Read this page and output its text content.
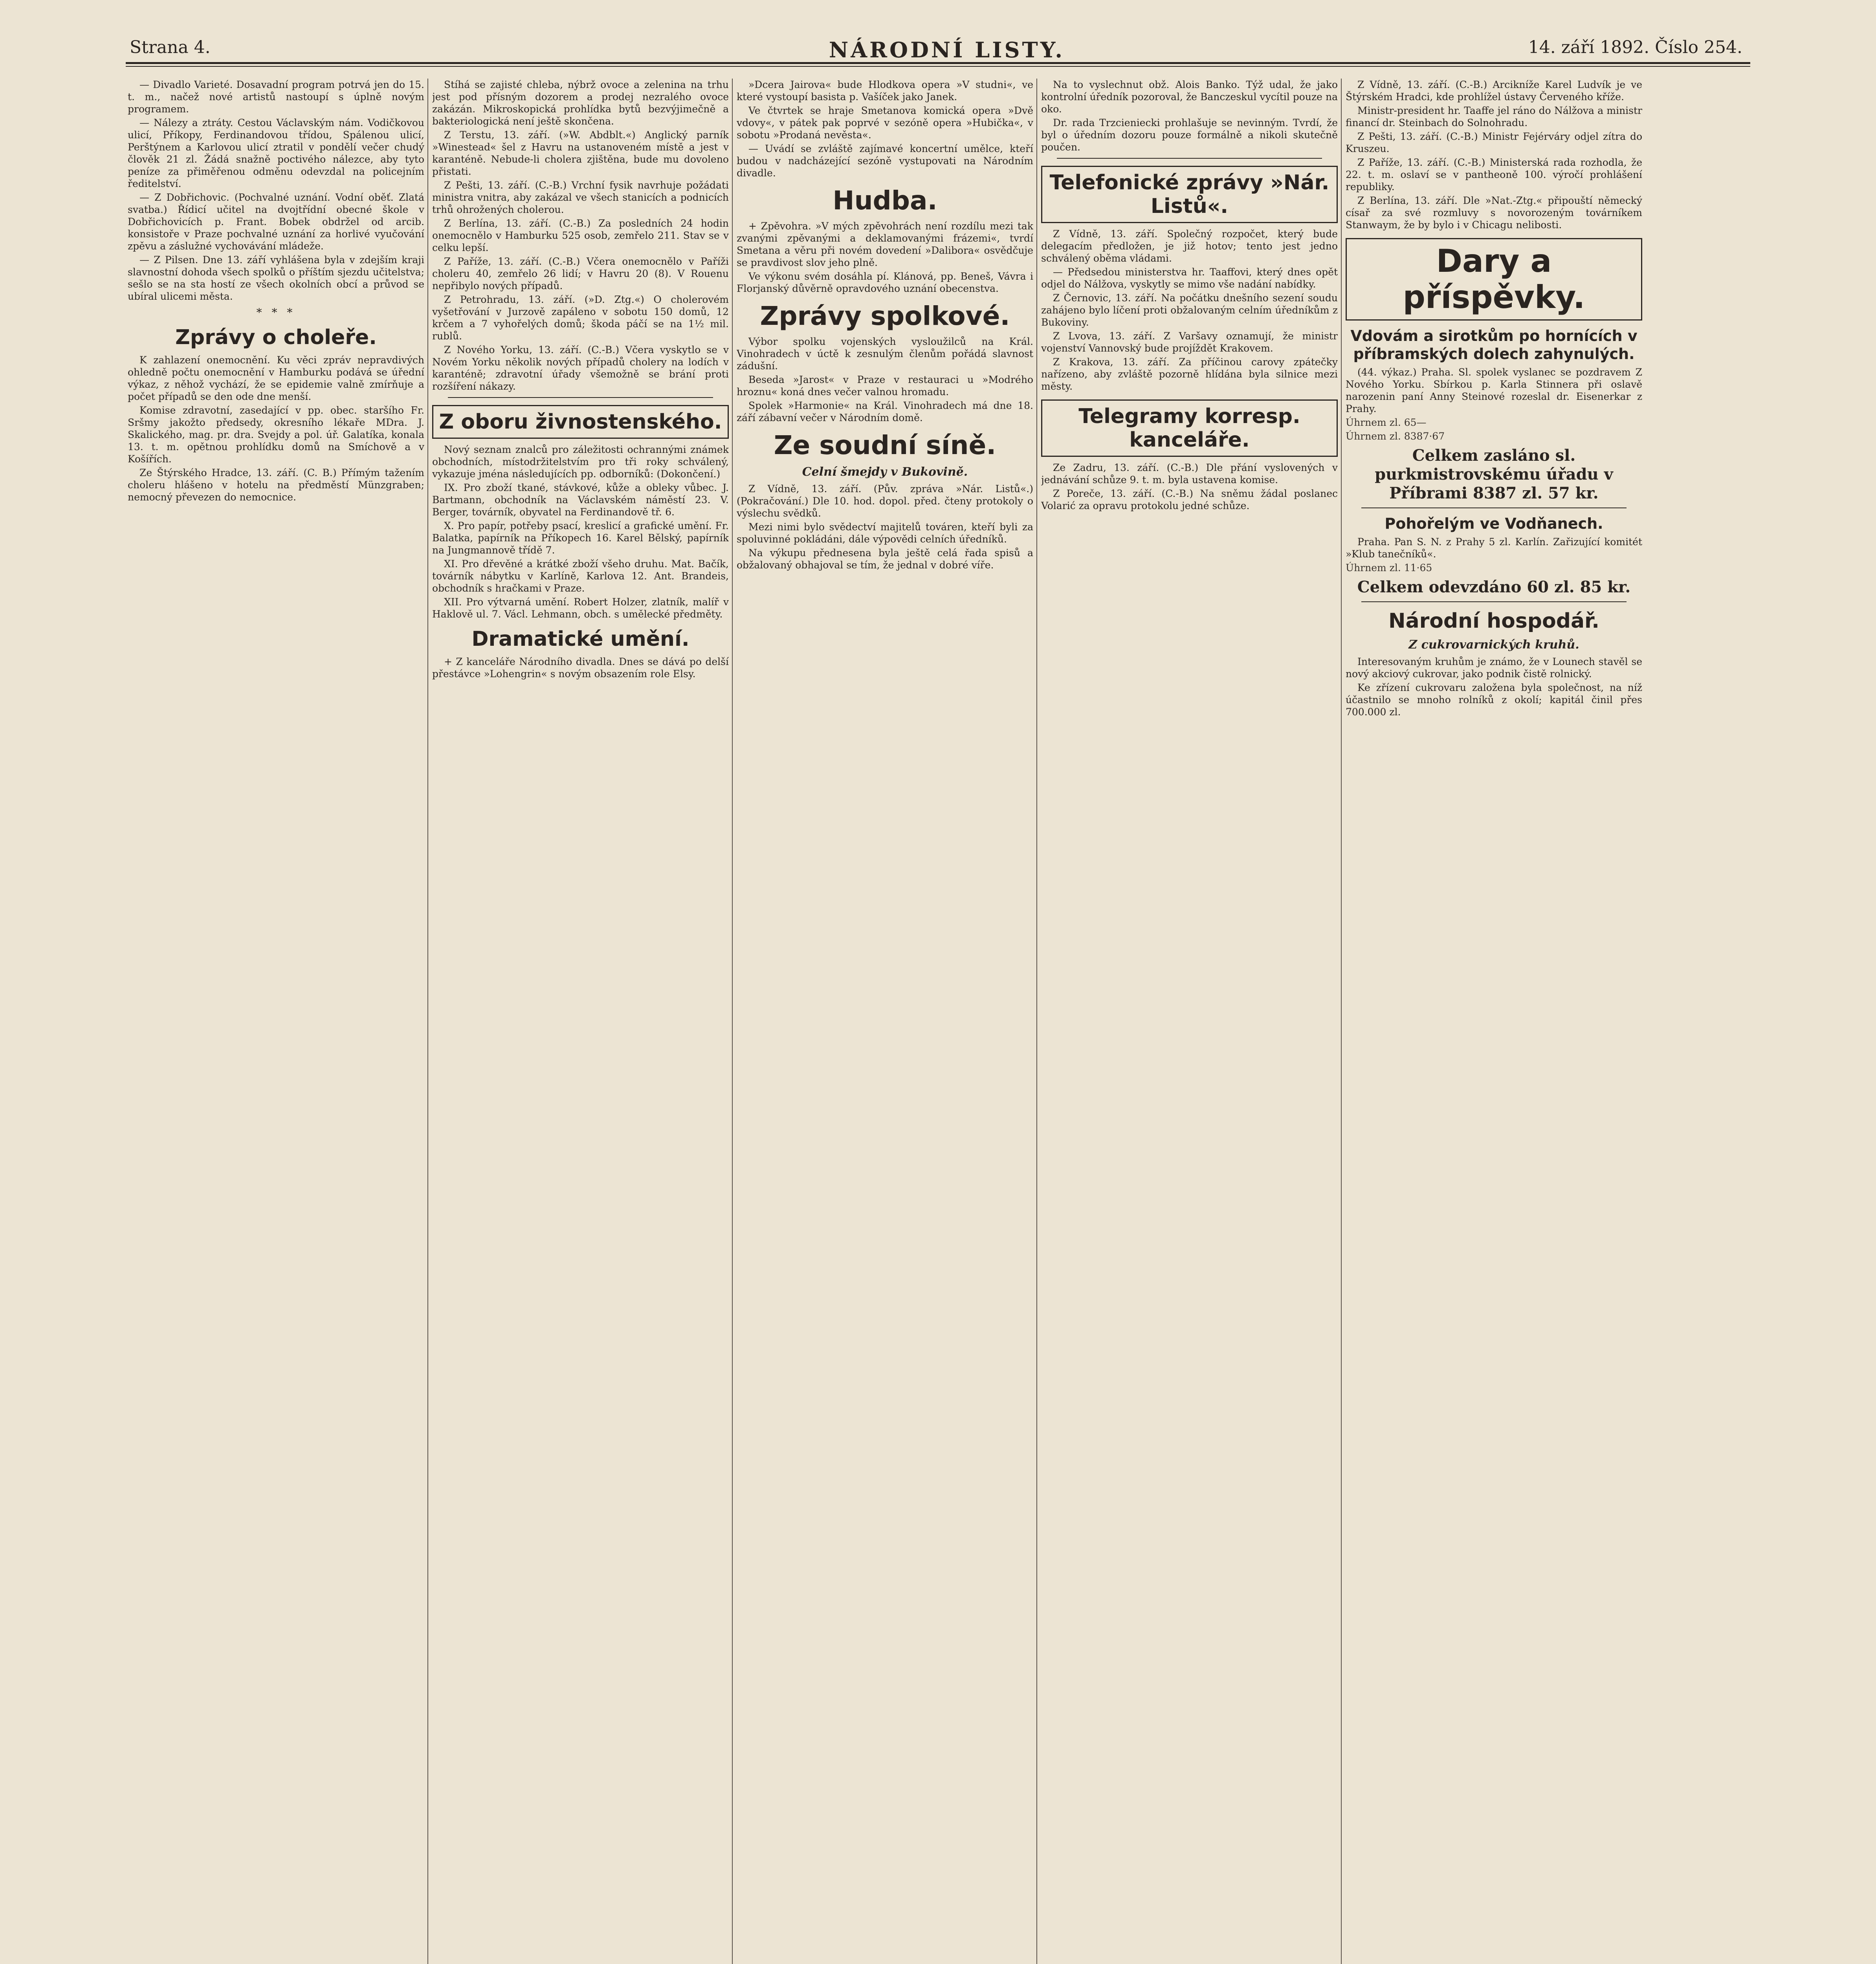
Strana 4.	NÁRODNÍ LISTY.	14. září 1892. Číslo 254.

— Divadlo Varieté. Dosavadní program potrvá jen do 15. t. m., načež nové artistů nastoupí s úplně novým programem.

— Nálezy a ztráty. Cestou Václavským nám. Vodičkovou ulicí, Příkopy, Ferdinandovou třídou, Spálenou ulicí, Perštýnem a Karlovou ulicí ztratil v pondělí večer chudý člověk 21 zl. Žádá snažně poctivého nálezce, aby tyto peníze za přiměřenou odměnu odevzdal na policejním ředitelství.

— Z Dobřichovic. (Pochvalné uznání. Vodní oběť. Zlatá svatba.) Řídicí učitel na dvojtřídní obecné škole v Dobřichovicích p. Frant. Bobek obdržel od arcib. konsistoře v Praze pochvalné uznání za horlivé vyučování zpěvu a záslužné vychovávání mládeže.

— Z Pilsen. Dne 13. září vyhlášena byla v zdejším kraji slavnostní dohoda všech spolků o příštím sjezdu učitelstva; sešlo se na sta hostí ze všech okolních obcí a průvod se ubíral ulicemi města.

* * *
Zprávy o choleře.

K zahlazení onemocnění. Ku věci zpráv nepravdivých ohledně počtu onemocnění v Hamburku podává se úřední výkaz, z něhož vychází, že se epidemie valně zmírňuje a počet případů se den ode dne menší.

Komise zdravotní, zasedající v pp. obec. staršího Fr. Sršmy jakožto předsedy, okresního lékaře MDra. J. Skalického, mag. pr. dra. Svejdy a pol. úř. Galatíka, konala 13. t. m. opětnou prohlídku domů na Smíchově a v Košířích.

Ze Štýrského Hradce, 13. září. (C. B.) Přímým tažením choleru hlášeno v hotelu na předměstí Münzgraben; nemocný převezen do nemocnice.

Stíhá se zajisté chleba, nýbrž ovoce a zelenina na trhu jest pod přísným dozorem a prodej nezralého ovoce zakázán. Mikroskopická prohlídka bytů bezvýjimečně a bakteriologická není ještě skončena.

Z Terstu, 13. září. (»W. Abdblt.«) Anglický parník »Winestead« šel z Havru na ustanoveném místě a jest v karanténě. Nebude-li cholera zjištěna, bude mu dovoleno přistati.

Z Pešti, 13. září. (C.-B.) Vrchní fysik navrhuje požádati ministra vnitra, aby zakázal ve všech stanicích a podnicích trhů ohrožených cholerou.

Z Berlína, 13. září. (C.-B.) Za posledních 24 hodin onemocnělo v Hamburku 525 osob, zemřelo 211. Stav se v celku lepší.

Z Paříže, 13. září. (C.-B.) Včera onemocnělo v Paříži choleru 40, zemřelo 26 lidí; v Havru 20 (8). V Rouenu nepřibylo nových případů.

Z Petrohradu, 13. září. (»D. Ztg.«) O cholerovém vyšetřování v Jurzově zapáleno v sobotu 150 domů, 12 krčem a 7 vyhořelých domů; škoda páčí se na 1½ mil. rublů.

Z Nového Yorku, 13. září. (C.-B.) Včera vyskytlo se v Novém Yorku několik nových případů cholery na lodích v karanténě; zdravotní úřady všemožně se brání proti rozšíření nákazy.

Z oboru živnostenského.

Nový seznam znalců pro záležitosti ochrannými známek obchodních, místodržitelstvím pro tři roky schválený, vykazuje jména následujících pp. odborníků: (Dokončení.)

IX. Pro zboží tkané, stávkové, kůže a obleky vůbec. J. Bartmann, obchodník na Václavském náměstí 23. V. Berger, továrník, obyvatel na Ferdinandově tř. 6.

X. Pro papír, potřeby psací, kreslicí a grafické umění. Fr. Balatka, papírník na Příkopech 16. Karel Bělský, papírník na Jungmannově třídě 7.

XI. Pro dřevěné a krátké zboží všeho druhu. Mat. Bačík, továrník nábytku v Karlíně, Karlova 12. Ant. Brandeis, obchodník s hračkami v Praze.

XII. Pro výtvarná umění. Robert Holzer, zlatník, malíř v Haklově ul. 7. Václ. Lehmann, obch. s umělecké předměty.

Dramatické umění.

+ Z kanceláře Národního divadla. Dnes se dává po delší přestávce »Lohengrin« s novým obsazením role Elsy.

»Dcera Jairova« bude Hlodkova opera »V studni«, ve které vystoupí basista p. Vašíček jako Janek.

Ve čtvrtek se hraje Smetanova komická opera »Dvě vdovy«, v pátek pak poprvé v sezóně opera »Hubička«, v sobotu »Prodaná nevěsta«.

— Uvádí se zvláště zajímavé koncertní umělce, kteří budou v nadcházející sezóně vystupovati na Národním divadle.

Hudba.

+ Zpěvohra. »V mých zpěvohrách není rozdílu mezi tak zvanými zpěvanými a deklamovanými frázemi«, tvrdí Smetana a věru při novém dovedení »Dalibora« osvědčuje se pravdivost slov jeho plně.

Ve výkonu svém dosáhla pí. Klánová, pp. Beneš, Vávra i Florjanský důvěrně opravdového uznání obecenstva.

Zprávy spolkové.

Výbor spolku vojenských vysloužilců na Král. Vinohradech v úctě k zesnulým členům pořádá slavnost zádušní.

Beseda »Jarost« v Praze v restauraci u »Modrého hroznu« koná dnes večer valnou hromadu.

Spolek »Harmonie« na Král. Vinohradech má dne 18. září zábavní večer v Národním domě.

Ze soudní síně.
Celní šmejdy v Bukovině.

Z Vídně, 13. září. (Pův. zpráva »Nár. Listů«.) (Pokračování.) Dle 10. hod. dopol. před. čteny protokoly o výslechu svědků.

Mezi nimi bylo svědectví majitelů továren, kteří byli za spoluvinné pokládáni, dále výpovědi celních úředníků.

Na výkupu přednesena byla ještě celá řada spisů a obžalovaný obhajoval se tím, že jednal v dobré víře.

Na to vyslechnut obž. Alois Banko. Týž udal, že jako kontrolní úředník pozoroval, že Banczeskul vycítil pouze na oko.

Dr. rada Trzcieniecki prohlašuje se nevinným. Tvrdí, že byl o úředním dozoru pouze formálně a nikoli skutečně poučen.

Telefonické zprávy »Nár. Listů«.

Z Vídně, 13. září. Společný rozpočet, který bude delegacím předložen, je již hotov; tento jest jedno schválený oběma vládami.

— Předsedou ministerstva hr. Taaffovi, který dnes opět odjel do Nálžova, vyskytly se mimo vše nadání nabídky.

Z Černovic, 13. září. Na počátku dnešního sezení soudu zahájeno bylo líčení proti obžalovaným celním úředníkům z Bukoviny.

Z Lvova, 13. září. Z Varšavy oznamují, že ministr vojenství Vannovský bude projíždět Krakovem.

Z Krakova, 13. září. Za příčinou carovy zpátečky nařízeno, aby zvláště pozorně hlídána byla silnice mezi městy.

Telegramy korresp. kanceláře.

Ze Zadru, 13. září. (C.-B.) Dle přání vyslovených v jednávání schůze 9. t. m. byla ustavena komise.

Z Poreče, 13. září. (C.-B.) Na sněmu žádal poslanec Volarić za opravu protokolu jedné schůze.

Z Vídně, 13. září. (C.-B.) Arcikníže Karel Ludvík je ve Štýrském Hradci, kde prohlížel ústavy Červeného kříže.

Ministr-president hr. Taaffe jel ráno do Nálžova a ministr financí dr. Steinbach do Solnohradu.

Z Pešti, 13. září. (C.-B.) Ministr Fejérváry odjel zítra do Kruszeu.

Z Paříže, 13. září. (C.-B.) Ministerská rada rozhodla, že 22. t. m. oslaví se v pantheoně 100. výročí prohlášení republiky.

Z Berlína, 13. září. Dle »Nat.-Ztg.« připouští německý císař za své rozmluvy s novorozeným továrníkem Stanwaym, že by bylo i v Chicagu nelibosti.

Dary a příspěvky.
Vdovám a sirotkům po hornících v příbramských dolech zahynulých.

(44. výkaz.) Praha. Sl. spolek vyslanec se pozdravem Z Nového Yorku. Sbírkou p. Karla Stinnera při oslavě narozenin paní Anny Steinové rozeslal dr. Eisenerkar z Prahy.

Úhrnem zl. 65—

Úhrnem zl. 8387·67

Celkem zasláno sl. purkmistrovskému úřadu v Příbrami 8387 zl. 57 kr.
Pohořelým ve Vodňanech.

Praha. Pan S. N. z Prahy 5 zl. Karlín. Zařizující komitét »Klub tanečníků«.

Úhrnem zl. 11·65

Celkem odevzdáno 60 zl. 85 kr.
Národní hospodář.
Z cukrovarnických kruhů.

Interesovaným kruhům je známo, že v Lounech stavěl se nový akciový cukrovar, jako podnik čistě rolnický.

Ke zřízení cukrovaru založena byla společnost, na níž účastnilo se mnoho rolníků z okolí; kapitál činil přes 700.000 zl.
